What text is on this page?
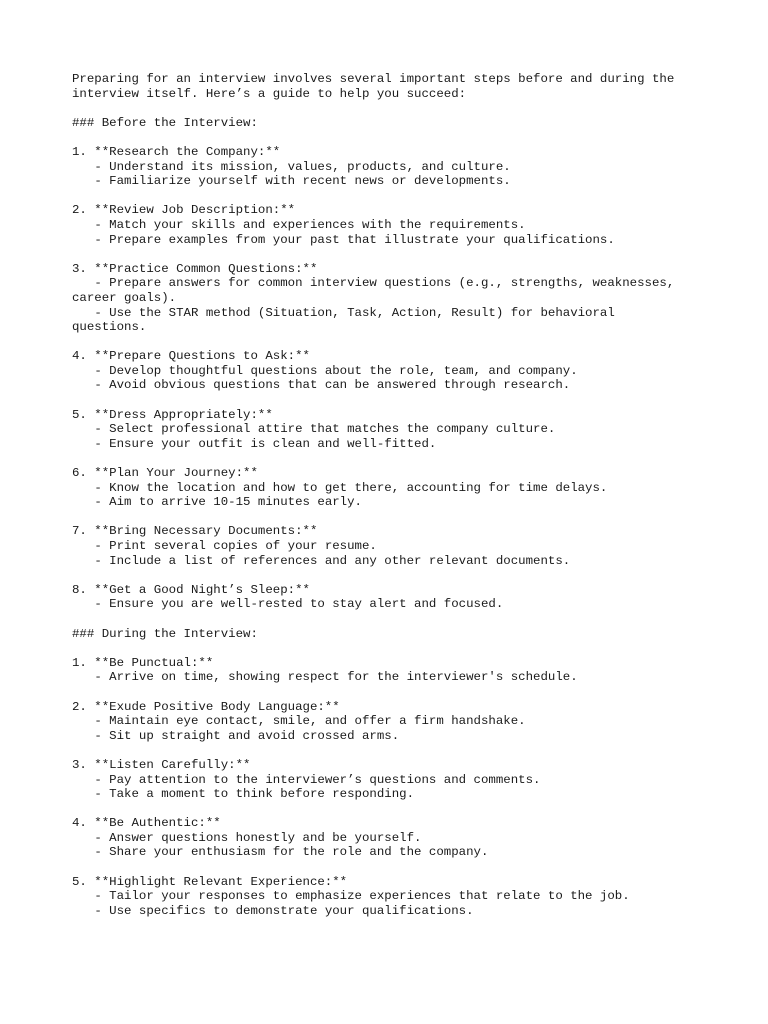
Preparing for an interview involves several important steps before and during the
interview itself. Here’s a guide to help you succeed:

### Before the Interview:

1. **Research the Company:**
- Understand its mission, values, products, and culture.
- Familiarize yourself with recent news or developments.

2. **Review Job Description:**
- Match your skills and experiences with the requirements.
- Prepare examples from your past that illustrate your qualifications.

3. **Practice Common Questions:**
- Prepare answers for common interview questions (e.g., strengths, weaknesses,
career goals).
- Use the STAR method (Situation, Task, Action, Result) for behavioral
questions.

4. **Prepare Questions to Ask:**
- Develop thoughtful questions about the role, team, and company.
- Avoid obvious questions that can be answered through research.

5. **Dress Appropriately:**
- Select professional attire that matches the company culture.
- Ensure your outfit is clean and well-fitted.

6. **Plan Your Journey:**
- Know the location and how to get there, accounting for time delays.
- Aim to arrive 10-15 minutes early.

7. **Bring Necessary Documents:**
- Print several copies of your resume.
- Include a list of references and any other relevant documents.

8. **Get a Good Night’s Sleep:**
- Ensure you are well-rested to stay alert and focused.

### During the Interview:

1. **Be Punctual:**
- Arrive on time, showing respect for the interviewer's schedule.

2. **Exude Positive Body Language:**
- Maintain eye contact, smile, and offer a firm handshake.
- Sit up straight and avoid crossed arms.

3. **Listen Carefully:**
- Pay attention to the interviewer’s questions and comments.
- Take a moment to think before responding.

4. **Be Authentic:**
- Answer questions honestly and be yourself.
- Share your enthusiasm for the role and the company.

5. **Highlight Relevant Experience:**
- Tailor your responses to emphasize experiences that relate to the job.
- Use specifics to demonstrate your qualifications.
